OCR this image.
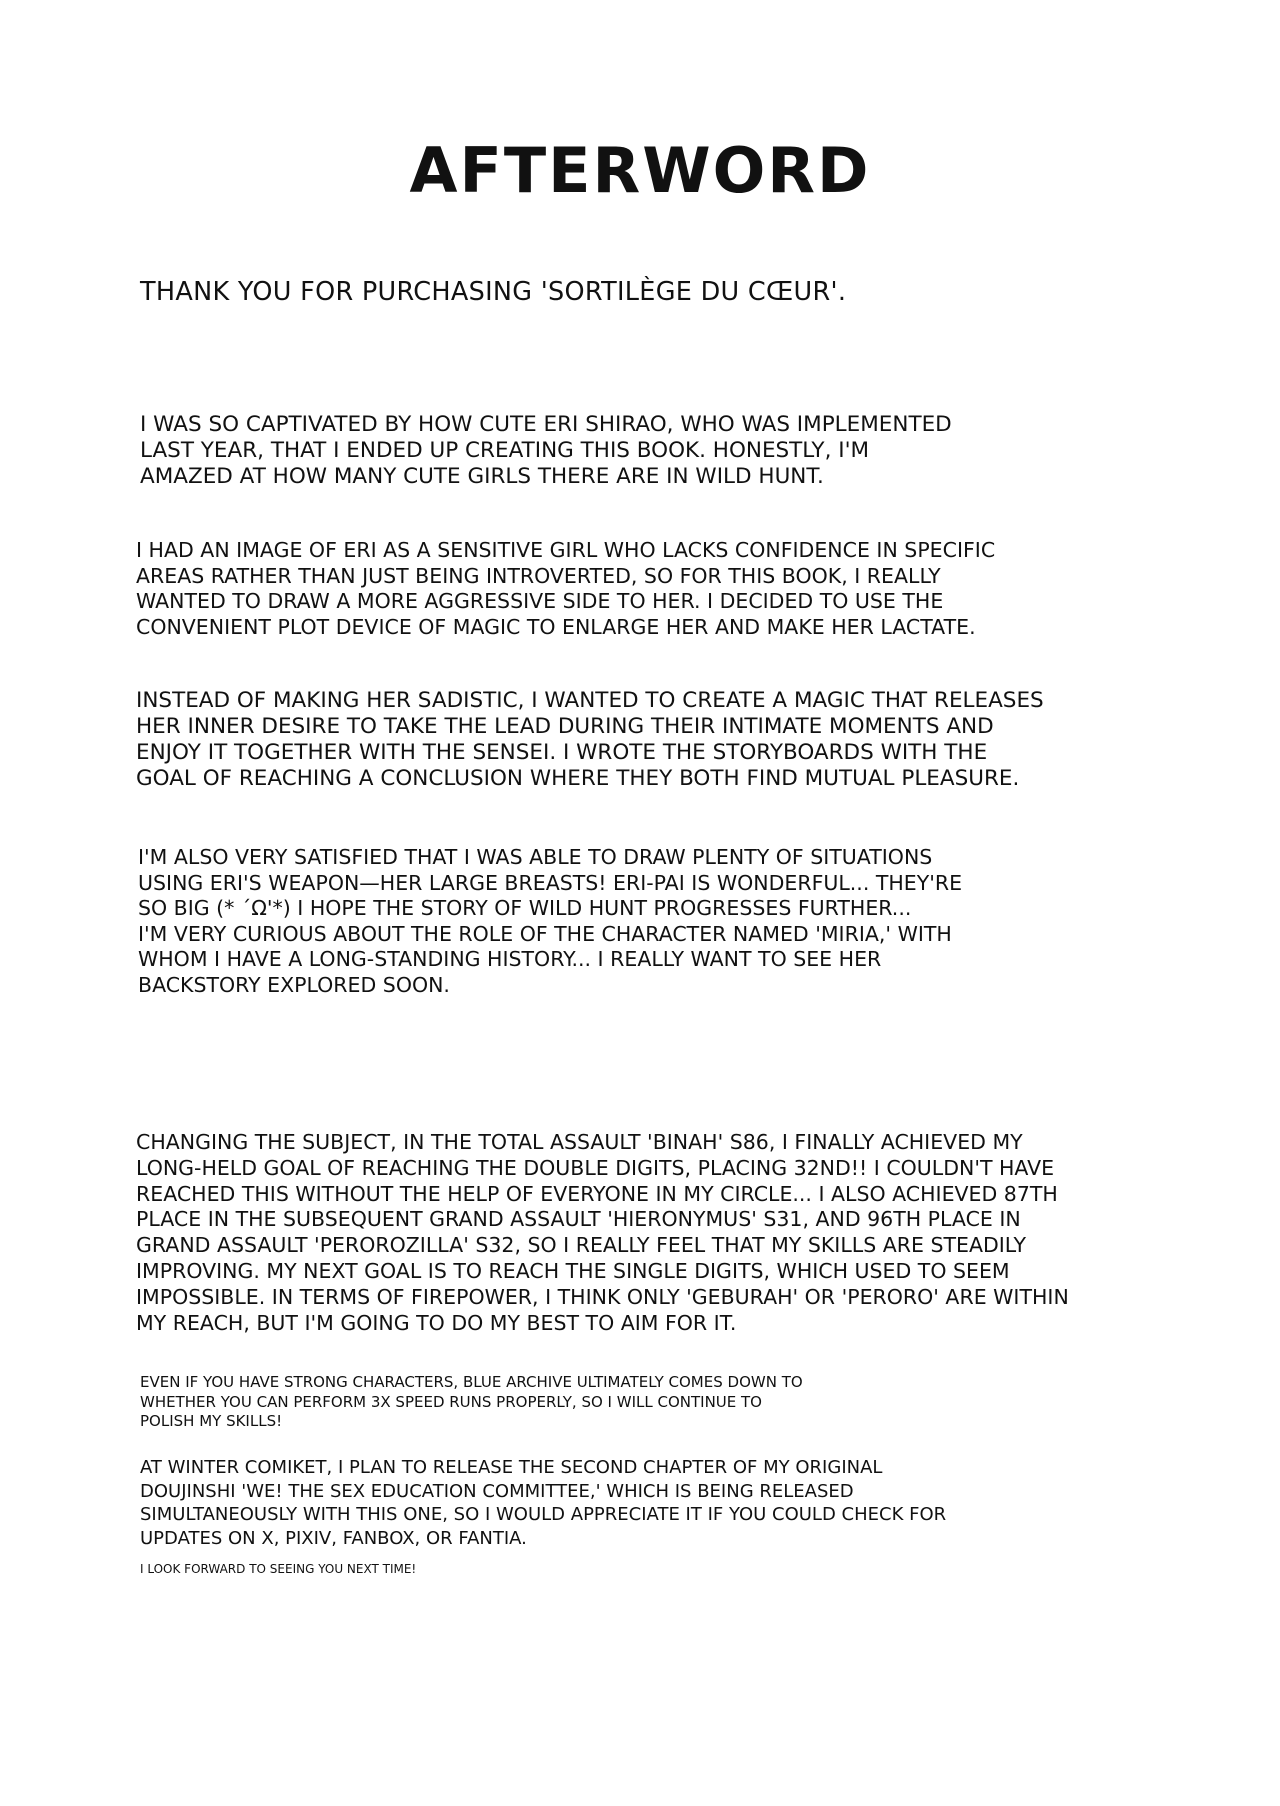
AFTERWORD

THANK YOU FOR PURCHASING 'SORTILÈGE DU CŒUR'.

I WAS SO CAPTIVATED BY HOW CUTE ERI SHIRAO, WHO WAS IMPLEMENTED
LAST YEAR, THAT I ENDED UP CREATING THIS BOOK. HONESTLY, I'M
AMAZED AT HOW MANY CUTE GIRLS THERE ARE IN WILD HUNT.

I HAD AN IMAGE OF ERI AS A SENSITIVE GIRL WHO LACKS CONFIDENCE IN SPECIFIC
AREAS RATHER THAN JUST BEING INTROVERTED, SO FOR THIS BOOK, I REALLY
WANTED TO DRAW A MORE AGGRESSIVE SIDE TO HER. I DECIDED TO USE THE
CONVENIENT PLOT DEVICE OF MAGIC TO ENLARGE HER AND MAKE HER LACTATE.

INSTEAD OF MAKING HER SADISTIC, I WANTED TO CREATE A MAGIC THAT RELEASES
HER INNER DESIRE TO TAKE THE LEAD DURING THEIR INTIMATE MOMENTS AND
ENJOY IT TOGETHER WITH THE SENSEI. I WROTE THE STORYBOARDS WITH THE
GOAL OF REACHING A CONCLUSION WHERE THEY BOTH FIND MUTUAL PLEASURE.

I'M ALSO VERY SATISFIED THAT I WAS ABLE TO DRAW PLENTY OF SITUATIONS
USING ERI'S WEAPON—HER LARGE BREASTS! ERI-PAI IS WONDERFUL... THEY'RE
SO BIG (* ˊΩ'*) I HOPE THE STORY OF WILD HUNT PROGRESSES FURTHER...
I'M VERY CURIOUS ABOUT THE ROLE OF THE CHARACTER NAMED 'MIRIA,' WITH
WHOM I HAVE A LONG-STANDING HISTORY... I REALLY WANT TO SEE HER
BACKSTORY EXPLORED SOON.

CHANGING THE SUBJECT, IN THE TOTAL ASSAULT 'BINAH' S86, I FINALLY ACHIEVED MY
LONG-HELD GOAL OF REACHING THE DOUBLE DIGITS, PLACING 32ND!! I COULDN'T HAVE
REACHED THIS WITHOUT THE HELP OF EVERYONE IN MY CIRCLE... I ALSO ACHIEVED 87TH
PLACE IN THE SUBSEQUENT GRAND ASSAULT 'HIERONYMUS' S31, AND 96TH PLACE IN
GRAND ASSAULT 'PEROROZILLA' S32, SO I REALLY FEEL THAT MY SKILLS ARE STEADILY
IMPROVING. MY NEXT GOAL IS TO REACH THE SINGLE DIGITS, WHICH USED TO SEEM
IMPOSSIBLE. IN TERMS OF FIREPOWER, I THINK ONLY 'GEBURAH' OR 'PERORO' ARE WITHIN
MY REACH, BUT I'M GOING TO DO MY BEST TO AIM FOR IT.

EVEN IF YOU HAVE STRONG CHARACTERS, BLUE ARCHIVE ULTIMATELY COMES DOWN TO
WHETHER YOU CAN PERFORM 3X SPEED RUNS PROPERLY, SO I WILL CONTINUE TO
POLISH MY SKILLS!

AT WINTER COMIKET, I PLAN TO RELEASE THE SECOND CHAPTER OF MY ORIGINAL
DOUJINSHI 'WE! THE SEX EDUCATION COMMITTEE,' WHICH IS BEING RELEASED
SIMULTANEOUSLY WITH THIS ONE, SO I WOULD APPRECIATE IT IF YOU COULD CHECK FOR
UPDATES ON X, PIXIV, FANBOX, OR FANTIA.

I LOOK FORWARD TO SEEING YOU NEXT TIME!
